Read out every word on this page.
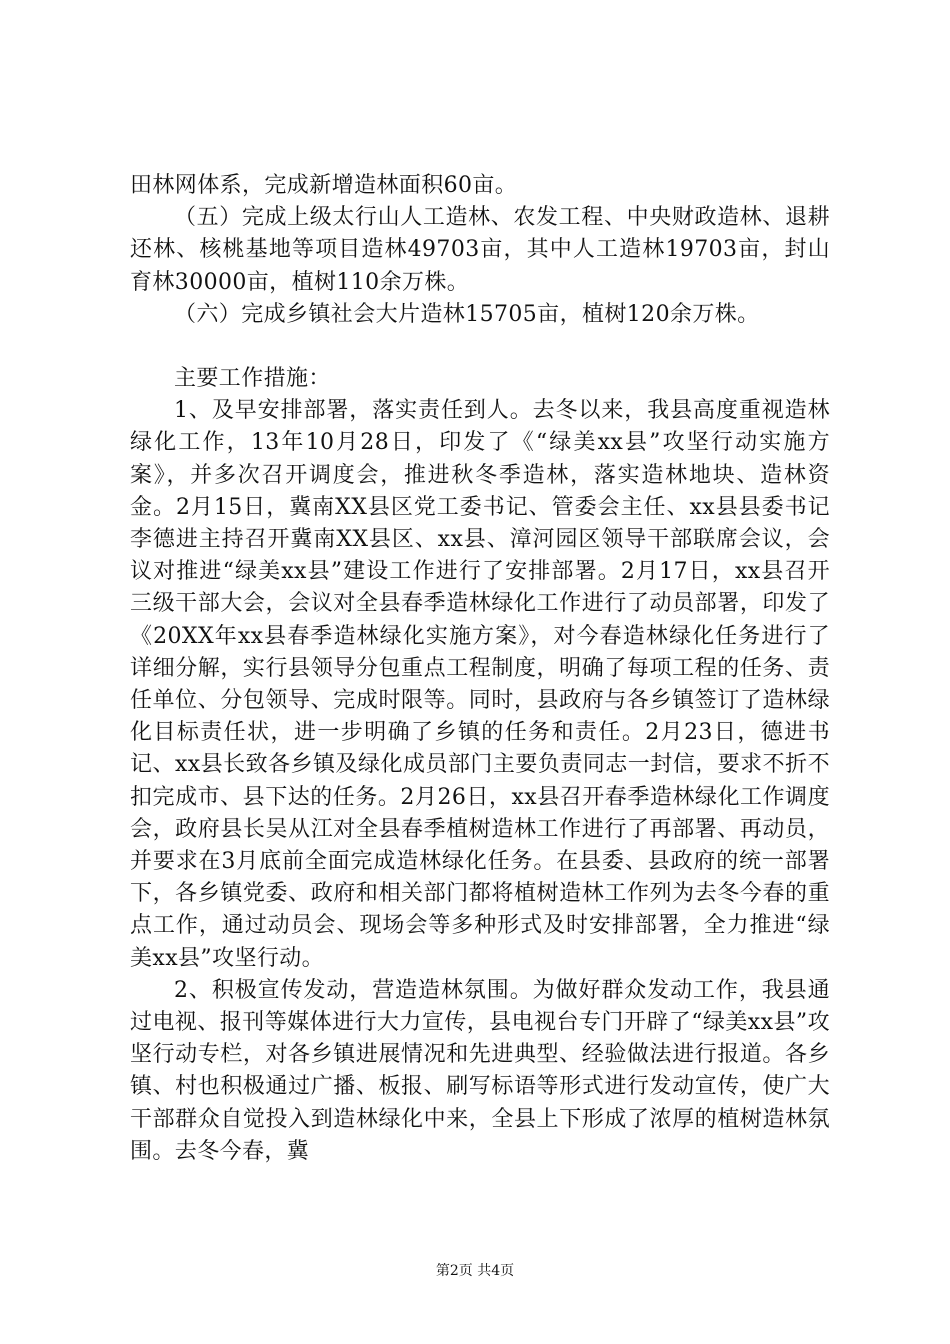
田林网体系，完成新增造林面积60亩。

（五）完成上级太行山人工造林、农发工程、中央财政造林、退耕还林、核桃基地等项目造林49703亩，其中人工造林19703亩，封山育林30000亩，植树110余万株。

（六）完成乡镇社会大片造林15705亩，植树120余万株。

主要工作措施：

1、及早安排部署，落实责任到人。去冬以来，我县高度重视造林绿化工作，13年10月28日，印发了《“绿美xx县”攻坚行动实施方案》，并多次召开调度会，推进秋冬季造林，落实造林地块、造林资金。2月15日，冀南XX县区党工委书记、管委会主任、xx县县委书记李德进主持召开冀南XX县区、xx县、漳河园区领导干部联席会议，会议对推进“绿美xx县”建设工作进行了安排部署。2月17日，xx县召开三级干部大会，会议对全县春季造林绿化工作进行了动员部署，印发了《20XX年xx县春季造林绿化实施方案》，对今春造林绿化任务进行了详细分解，实行县领导分包重点工程制度，明确了每项工程的任务、责任单位、分包领导、完成时限等。同时，县政府与各乡镇签订了造林绿化目标责任状，进一步明确了乡镇的任务和责任。2月23日，德进书记、xx县长致各乡镇及绿化成员部门主要负责同志一封信，要求不折不扣完成市、县下达的任务。2月26日，xx县召开春季造林绿化工作调度会，政府县长吴从江对全县春季植树造林工作进行了再部署、再动员，并要求在3月底前全面完成造林绿化任务。在县委、县政府的统一部署下，各乡镇党委、政府和相关部门都将植树造林工作列为去冬今春的重点工作，通过动员会、现场会等多种形式及时安排部署，全力推进“绿美xx县”攻坚行动。

2、积极宣传发动，营造造林氛围。为做好群众发动工作，我县通过电视、报刊等媒体进行大力宣传，县电视台专门开辟了“绿美xx县”攻坚行动专栏，对各乡镇进展情况和先进典型、经验做法进行报道。各乡镇、村也积极通过广播、板报、刷写标语等形式进行发动宣传，使广大干部群众自觉投入到造林绿化中来，全县上下形成了浓厚的植树造林氛围。去冬今春，冀

第2页 共4页
